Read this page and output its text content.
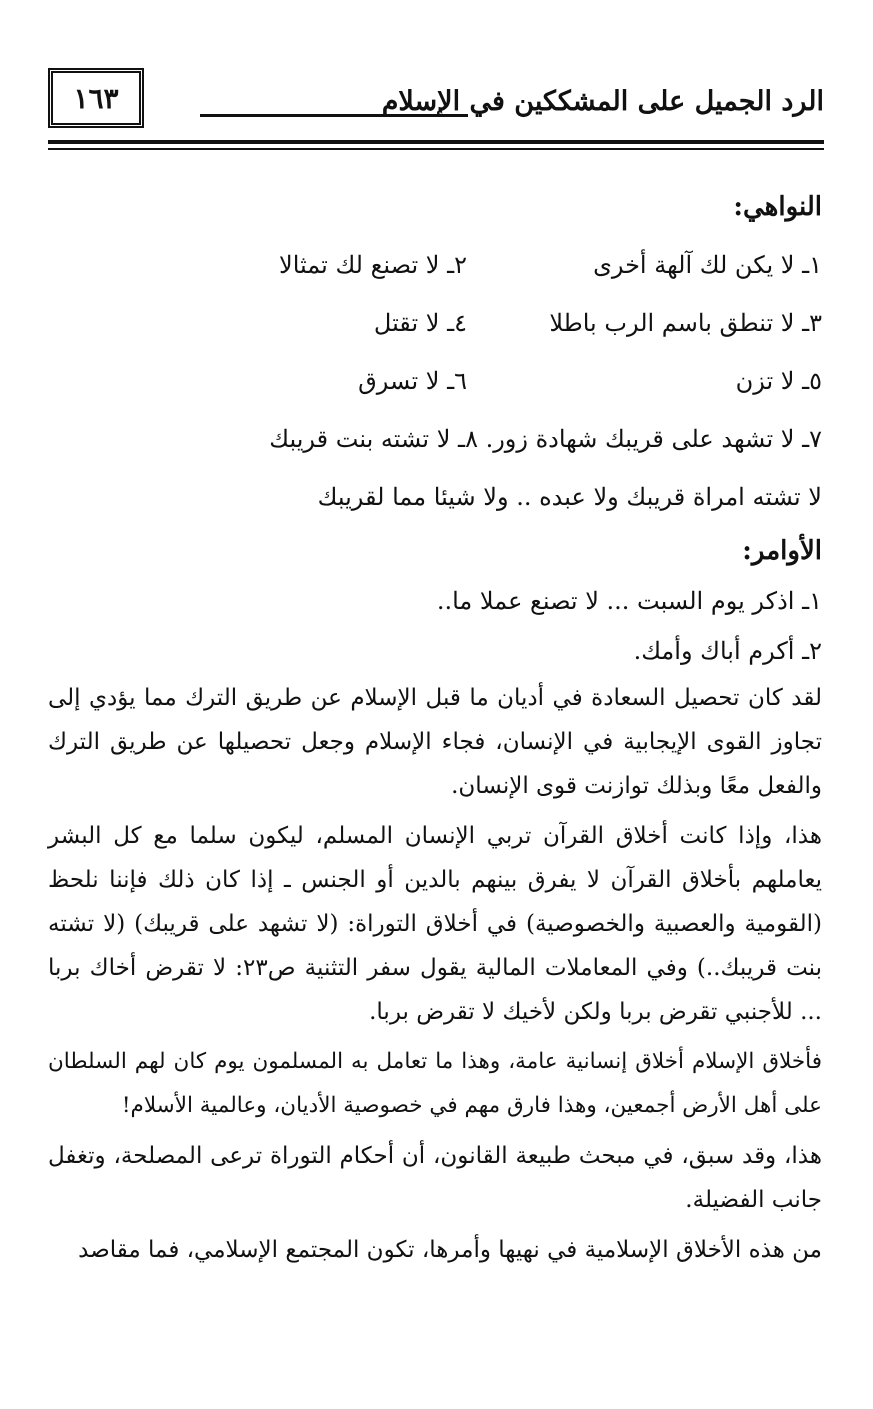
١٦٣	الرد الجميل على المشككين في الإسلام
النواهي:
١ـ لا يكن لك آلهة أخرى
٢ـ لا تصنع لك تمثالا
٣ـ لا تنطق باسم الرب باطلا
٤ـ لا تقتل
٥ـ لا تزن
٦ـ لا تسرق
٧ـ لا تشهد على قريبك شهادة زور. ٨ـ لا تشته بنت قريبك
لا تشته امراة قريبك ولا عبده .. ولا شيئا مما لقريبك
الأوامر:
١ـ اذكر يوم السبت ... لا تصنع عملا ما..
٢ـ أكرم أباك وأمك.

لقد كان تحصيل السعادة في أديان ما قبل الإسلام عن طريق الترك مما يؤدي إلى تجاوز القوى الإيجابية في الإنسان، فجاء الإسلام وجعل تحصيلها عن طريق الترك والفعل معًا وبذلك توازنت قوى الإنسان.

هذا، وإذا كانت أخلاق القرآن تربي الإنسان المسلم، ليكون سلما مع كل البشر يعاملهم بأخلاق القرآن لا يفرق بينهم بالدين أو الجنس ـ إذا كان ذلك فإننا نلحظ (القومية والعصبية والخصوصية) في أخلاق التوراة: (لا تشهد على قريبك) (لا تشته بنت قريبك..) وفي المعاملات المالية يقول سفر التثنية ص٢٣: لا تقرض أخاك بربا ... للأجنبي تقرض بربا ولكن لأخيك لا تقرض بربا.

فأخلاق الإسلام أخلاق إنسانية عامة، وهذا ما تعامل به المسلمون يوم كان لهم السلطان على أهل الأرض أجمعين، وهذا فارق مهم في خصوصية الأديان، وعالمية الأسلام!

هذا، وقد سبق، في مبحث طبيعة القانون، أن أحكام التوراة ترعى المصلحة، وتغفل جانب الفضيلة.

من هذه الأخلاق الإسلامية في نهيها وأمرها، تكون المجتمع الإسلامي، فما مقاصد
